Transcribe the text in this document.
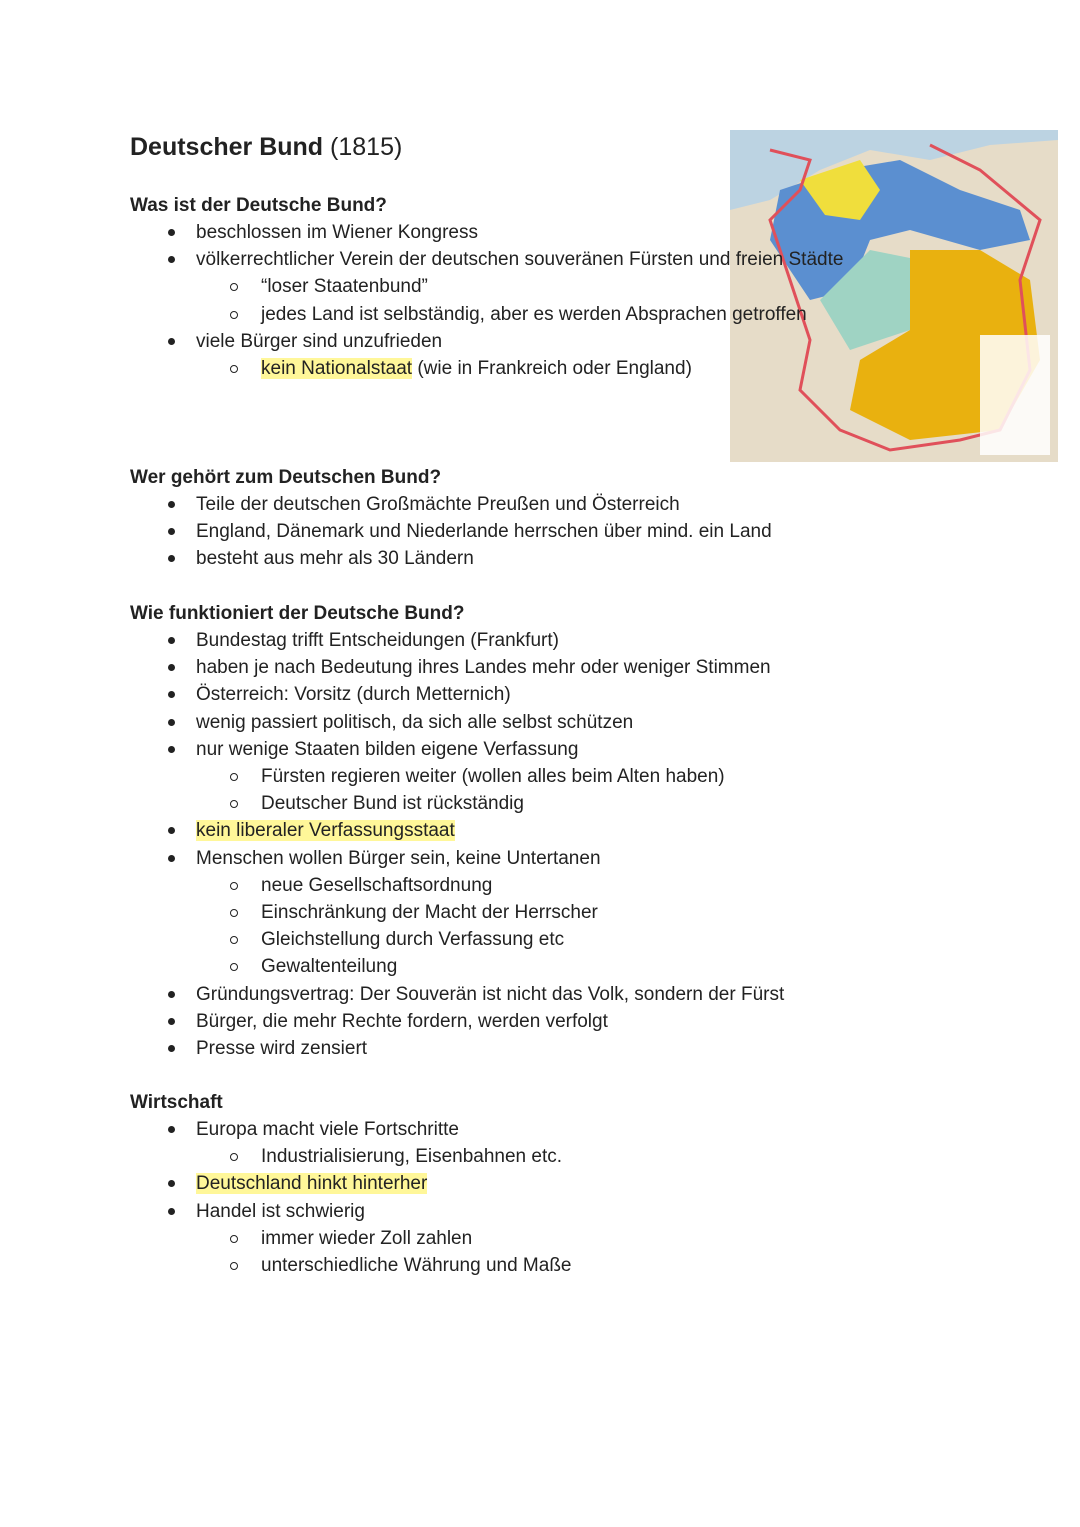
Deutscher Bund (1815)
Was ist der Deutsche Bund?
beschlossen im Wiener Kongress
völkerrechtlicher Verein der deutschen souveränen Fürsten und freien Städte
“loser Staatenbund”
jedes Land ist selbständig, aber es werden Absprachen getroffen
viele Bürger sind unzufrieden
kein Nationalstaat (wie in Frankreich oder England)
Wer gehört zum Deutschen Bund?
Teile der deutschen Großmächte Preußen und Österreich
England, Dänemark und Niederlande herrschen über mind. ein Land
besteht aus mehr als 30 Ländern
Wie funktioniert der Deutsche Bund?
Bundestag trifft Entscheidungen (Frankfurt)
haben je nach Bedeutung ihres Landes mehr oder weniger Stimmen
Österreich: Vorsitz (durch Metternich)
wenig passiert politisch, da sich alle selbst schützen
nur wenige Staaten bilden eigene Verfassung
Fürsten regieren weiter (wollen alles beim Alten haben)
Deutscher Bund ist rückständig
kein liberaler Verfassungsstaat
Menschen wollen Bürger sein, keine Untertanen
neue Gesellschaftsordnung
Einschränkung der Macht der Herrscher
Gleichstellung durch Verfassung etc
Gewaltenteilung
Gründungsvertrag: Der Souverän ist nicht das Volk, sondern der Fürst
Bürger, die mehr Rechte fordern, werden verfolgt
Presse wird zensiert
Wirtschaft
Europa macht viele Fortschritte
Industrialisierung, Eisenbahnen etc.
Deutschland hinkt hinterher
Handel ist schwierig
immer wieder Zoll zahlen
unterschiedliche Währung und Maße
